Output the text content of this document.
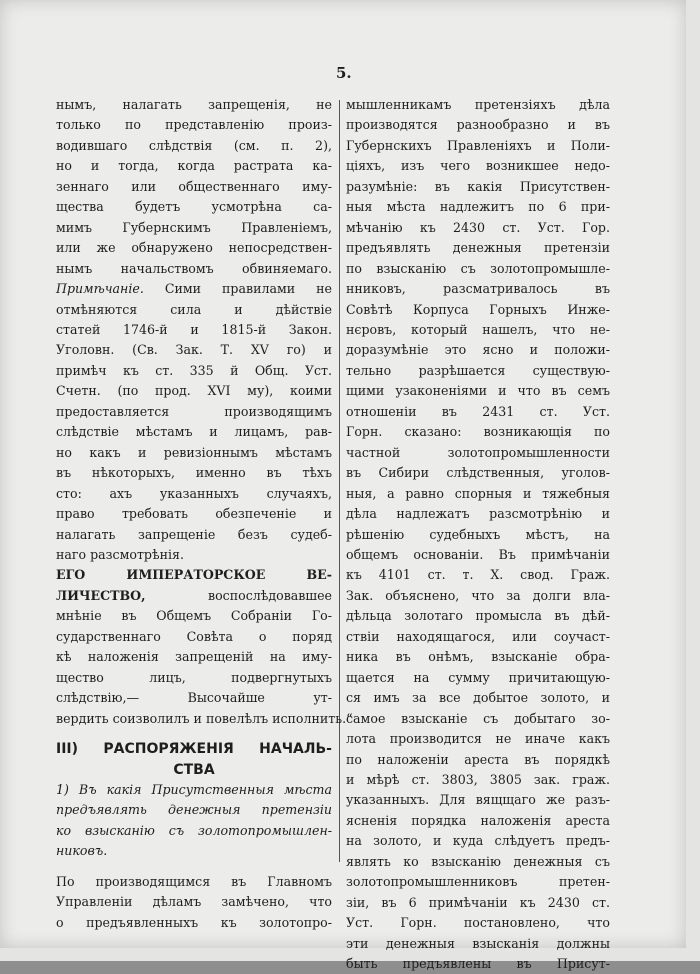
5.
нымъ, налагать запрещенія, не
только по представленію произ-
водившаго слѣдствія (см. п. 2),
но и тогда, когда растрата ка-
зеннаго или общественнаго иму-
щества будетъ усмотрѣна са-
мимъ Губернскимъ Правленіемъ,
или же обнаружено непосредствен-
нымъ начальствомъ обвиняемаго.
Примѣчаніе. Сими правилами не
отмѣняются сила и дѣйствіе
статей 1746-й и 1815-й Закон.
Уголовн. (Св. Зак. Т. XV го) и
примѣч къ ст. 335 й Общ. Уст.
Счетн. (по прод. XVI му), коими
предоставляется производящимъ
слѣдствіе мѣстамъ и лицамъ, рав-
но какъ и ревизіоннымъ мѣстамъ
въ нѣкоторыхъ, именно въ тѣхъ
сто: ахъ указанныхъ случаяхъ,
право требовать обезпеченіе и
налагать запрещеніе безъ судеб-
наго разсмотрѣнія.
ЕГО ИМПЕРАТОРСКОЕ ВЕ-
ЛИЧЕСТВО, воспослѣдовавшее
мнѣніе въ Общемъ Собраніи Го-
сударственнаго Совѣта о поряд
кѣ наложенія запрещеній на иму-
щество лицъ, подвергнутыхъ
слѣдствію,— Высочайше ут-
вердить соизволилъ и повелѣлъ исполнить.“
III) РАСПОРЯЖЕНІЯ НАЧАЛЬ-
СТВА
1) Въ какія Присутственныя мѣста
предъявлять денежныя претензіи
ко взысканію съ золотопромышлен-
никовъ.
По производящимся въ Главномъ
Управленіи дѣламъ замѣчено, что
о предъявленныхъ къ золотопро-
мышленникамъ претензіяхъ дѣла
производятся разнообразно и въ
Губернскихъ Правленіяхъ и Поли-
ціяхъ, изъ чего возникшее недо-
разумѣніе: въ какія Присутствен-
ныя мѣста надлежитъ по 6 при-
мѣчанію къ 2430 ст. Уст. Гор.
предъявлять денежныя претензіи
по взысканію съ золотопромышле-
нниковъ, разсматривалось въ
Совѣтѣ Корпуса Горныхъ Инже-
нєровъ, который нашелъ, что не-
доразумѣніе это ясно и положи-
тельно разрѣшается существую-
щими узаконеніями и что въ семъ
отношеніи въ 2431 ст. Уст.
Горн. сказано: возникающія по
частной золотопромышленности
въ Сибири слѣдственныя, уголов-
ныя, а равно спорныя и тяжебныя
дѣла надлежатъ разсмотрѣнію и
рѣшенію судебныхъ мѣстъ, на
общемъ основаніи. Въ примѣчаніи
къ 4101 ст. т. X. свод. Граж.
Зак. объяснено, что за долги вла-
дѣльца золотаго промысла въ дѣй-
ствіи находящагося, или соучаст-
ника въ онѣмъ, взысканіе обра-
щается на сумму причитающую-
ся имъ за все добытое золото, и
самое взысканіе съ добытаго зо-
лота производится не иначе какъ
по наложеніи ареста въ порядкѣ
и мѣрѣ ст. 3803, 3805 зак. граж.
указанныхъ. Для вящщаго же разъ-
ясненія порядка наложенія ареста
на золото, и куда слѣдуетъ предъ-
являть ко взысканію денежныя съ
золотопромышленниковъ претен-
зіи, въ 6 примѣчаніи къ 2430 ст.
Уст. Горн. постановлено, что
эти денежныя взысканія должны
быть предъявлены въ Присут-
